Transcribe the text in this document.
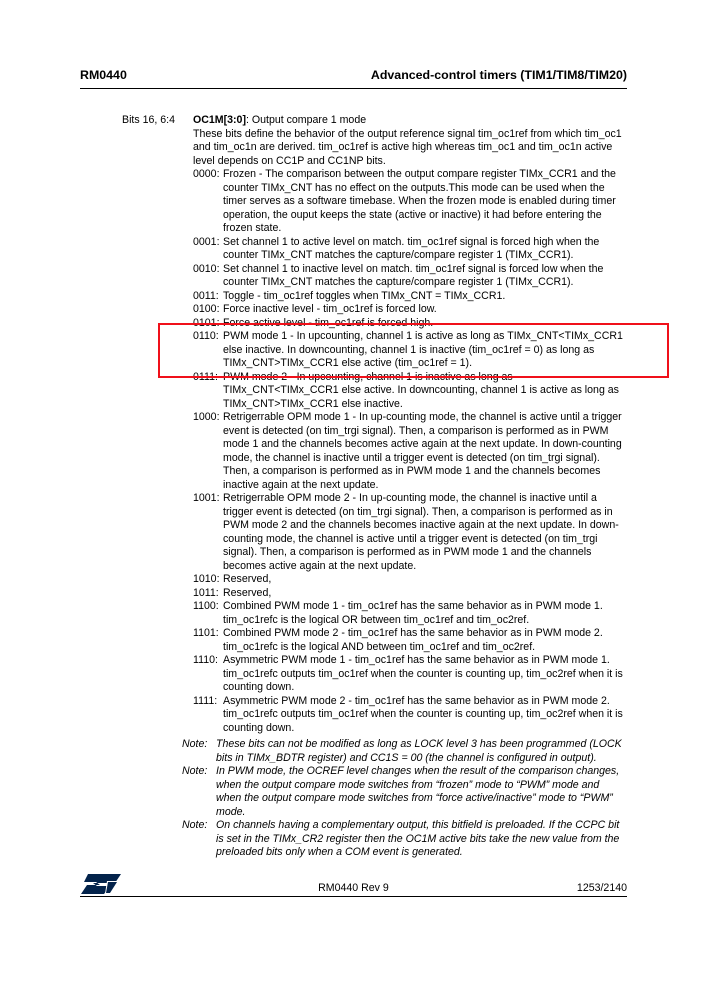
RM0440	Advanced-control timers (TIM1/TIM8/TIM20)
Bits 16, 6:4 OC1M[3:0]: Output compare 1 mode

These bits define the behavior of the output reference signal tim_oc1ref from which tim_oc1 and tim_oc1n are derived. tim_oc1ref is active high whereas tim_oc1 and tim_oc1n active level depends on CC1P and CC1NP bits.

0000: Frozen - The comparison between the output compare register TIMx_CCR1 and the counter TIMx_CNT has no effect on the outputs.This mode can be used when the timer serves as a software timebase. When the frozen mode is enabled during timer operation, the ouput keeps the state (active or inactive) it had before entering the frozen state.
0001: Set channel 1 to active level on match. tim_oc1ref signal is forced high when the counter TIMx_CNT matches the capture/compare register 1 (TIMx_CCR1).
0010: Set channel 1 to inactive level on match. tim_oc1ref signal is forced low when the counter TIMx_CNT matches the capture/compare register 1 (TIMx_CCR1).
0011: Toggle - tim_oc1ref toggles when TIMx_CNT = TIMx_CCR1.
0100: Force inactive level - tim_oc1ref is forced low.
0101: Force active level - tim_oc1ref is forced high.
0110: PWM mode 1 - In upcounting, channel 1 is active as long as TIMx_CNT<TIMx_CCR1 else inactive. In downcounting, channel 1 is inactive (tim_oc1ref = 0) as long as TIMx_CNT>TIMx_CCR1 else active (tim_oc1ref = 1).
0111: PWM mode 2 - In upcounting, channel 1 is inactive as long as TIMx_CNT<TIMx_CCR1 else active. In downcounting, channel 1 is active as long as TIMx_CNT>TIMx_CCR1 else inactive.
1000: Retrigerrable OPM mode 1 - In up-counting mode, the channel is active until a trigger event is detected (on tim_trgi signal). Then, a comparison is performed as in PWM mode 1 and the channels becomes active again at the next update. In down-counting mode, the channel is inactive until a trigger event is detected (on tim_trgi signal). Then, a comparison is performed as in PWM mode 1 and the channels becomes inactive again at the next update.
1001: Retrigerrable OPM mode 2 - In up-counting mode, the channel is inactive until a trigger event is detected (on tim_trgi signal). Then, a comparison is performed as in PWM mode 2 and the channels becomes inactive again at the next update. In down-counting mode, the channel is active until a trigger event is detected (on tim_trgi signal). Then, a comparison is performed as in PWM mode 1 and the channels becomes active again at the next update.
1010: Reserved,
1011: Reserved,
1100: Combined PWM mode 1 - tim_oc1ref has the same behavior as in PWM mode 1. tim_oc1refc is the logical OR between tim_oc1ref and tim_oc2ref.
1101: Combined PWM mode 2 - tim_oc1ref has the same behavior as in PWM mode 2. tim_oc1refc is the logical AND between tim_oc1ref and tim_oc2ref.
1110: Asymmetric PWM mode 1 - tim_oc1ref has the same behavior as in PWM mode 1. tim_oc1refc outputs tim_oc1ref when the counter is counting up, tim_oc2ref when it is counting down.
1111: Asymmetric PWM mode 2 - tim_oc1ref has the same behavior as in PWM mode 2. tim_oc1refc outputs tim_oc1ref when the counter is counting up, tim_oc2ref when it is counting down.
Note: These bits can not be modified as long as LOCK level 3 has been programmed (LOCK bits in TIMx_BDTR register) and CC1S = 00 (the channel is configured in output).
Note: In PWM mode, the OCREF level changes when the result of the comparison changes, when the output compare mode switches from “frozen” mode to “PWM” mode and when the output compare mode switches from “force active/inactive” mode to “PWM” mode.
Note: On channels having a complementary output, this bitfield is preloaded. If the CCPC bit is set in the TIMx_CR2 register then the OC1M active bits take the new value from the preloaded bits only when a COM event is generated.
RM0440 Rev 9	1253/2140
